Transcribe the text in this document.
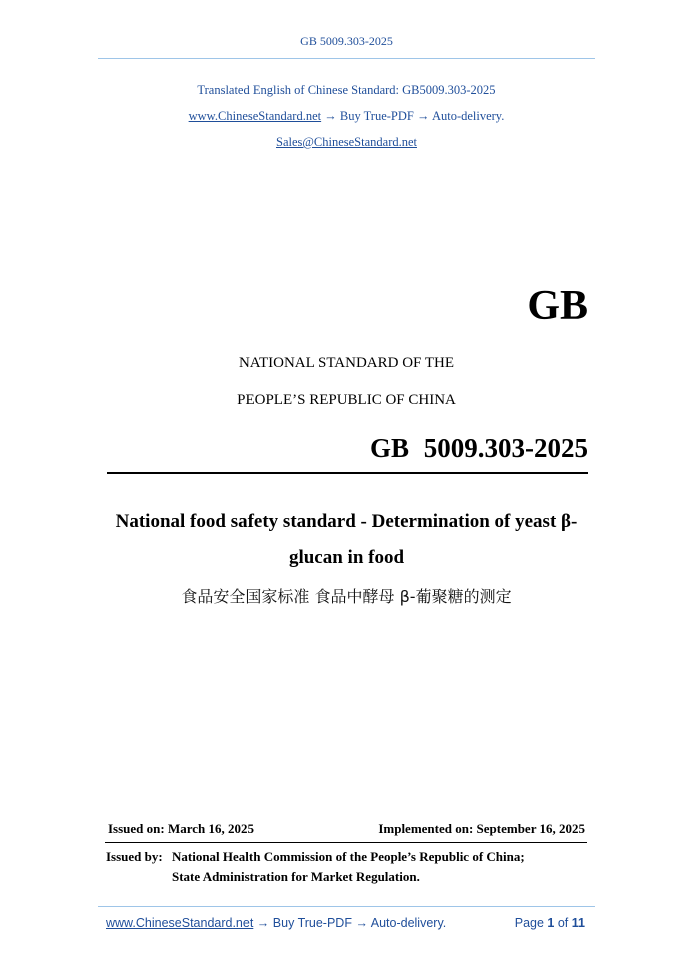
GB 5009.303-2025
Translated English of Chinese Standard: GB5009.303-2025
www.ChineseStandard.net → Buy True-PDF → Auto-delivery.
Sales@ChineseStandard.net
GB
NATIONAL STANDARD OF THE
PEOPLE’S REPUBLIC OF CHINA
GB 5009.303-2025
National food safety standard - Determination of yeast β-
glucan in food
食品安全国家标准 食品中酵母 β-葡聚糖的测定
Issued on: March 16, 2025	Implemented on: September 16, 2025
Issued by: National Health Commission of the People’s Republic of China;
State Administration for Market Regulation.
www.ChineseStandard.net → Buy True-PDF → Auto-delivery.	Page 1 of 11
